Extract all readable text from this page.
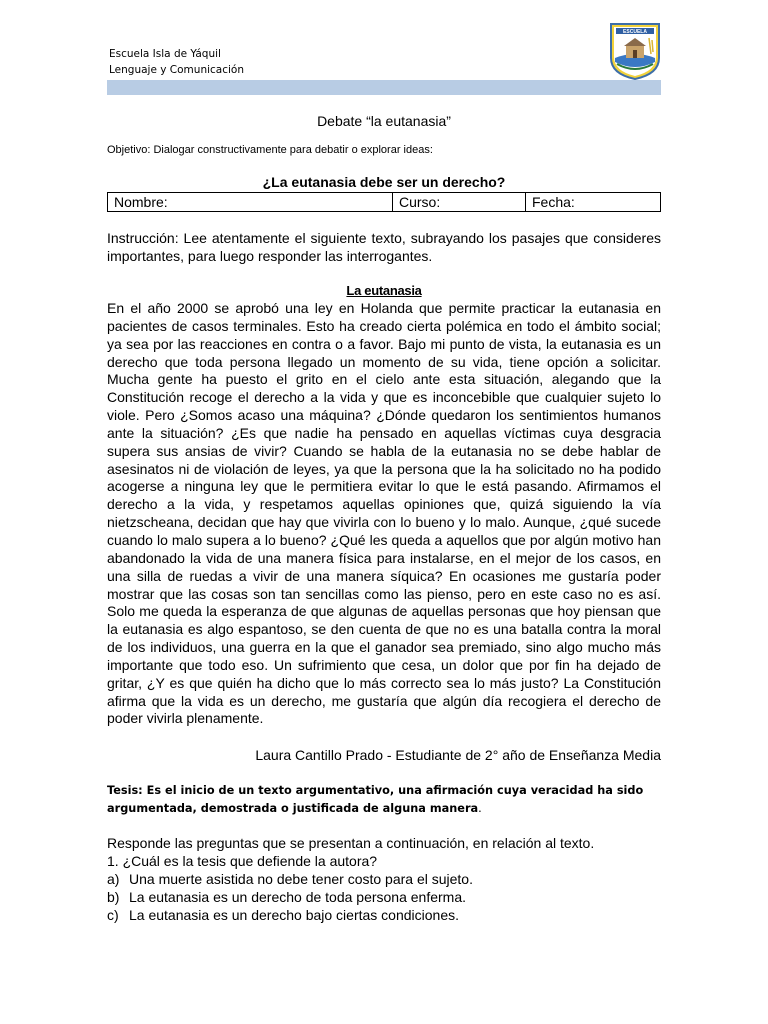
Escuela Isla de Yáquil
Lenguaje y Comunicación
ESCUELA
Debate “la eutanasia”
Objetivo: Dialogar constructivamente para debatir o explorar ideas:
¿La eutanasia debe ser un derecho?
Nombre:	Curso:	Fecha:
Instrucción: Lee atentamente el siguiente texto, subrayando los pasajes que consideres importantes, para luego responder las interrogantes.
La eutanasia
En el año 2000 se aprobó una ley en Holanda que permite practicar la eutanasia en pacientes de casos terminales. Esto ha creado cierta polémica en todo el ámbito social; ya sea por las reacciones en contra o a favor. Bajo mi punto de vista, la eutanasia es un derecho que toda persona llegado un momento de su vida, tiene opción a solicitar. Mucha gente ha puesto el grito en el cielo ante esta situación, alegando que la Constitución recoge el derecho a la vida y que es inconcebible que cualquier sujeto lo viole. Pero ¿Somos acaso una máquina? ¿Dónde quedaron los sentimientos humanos ante la situación? ¿Es que nadie ha pensado en aquellas víctimas cuya desgracia supera sus ansias de vivir? Cuando se habla de la eutanasia no se debe hablar de asesinatos ni de violación de leyes, ya que la persona que la ha solicitado no ha podido acogerse a ninguna ley que le permitiera evitar lo que le está pasando. Afirmamos el derecho a la vida, y respetamos aquellas opiniones que, quizá siguiendo la vía nietzscheana, decidan que hay que vivirla con lo bueno y lo malo. Aunque, ¿qué sucede cuando lo malo supera a lo bueno? ¿Qué les queda a aquellos que por algún motivo han abandonado la vida de una manera física para instalarse, en el mejor de los casos, en una silla de ruedas a vivir de una manera síquica? En ocasiones me gustaría poder mostrar que las cosas son tan sencillas como las pienso, pero en este caso no es así. Solo me queda la esperanza de que algunas de aquellas personas que hoy piensan que la eutanasia es algo espantoso, se den cuenta de que no es una batalla contra la moral de los individuos, una guerra en la que el ganador sea premiado, sino algo mucho más importante que todo eso. Un sufrimiento que cesa, un dolor que por fin ha dejado de gritar, ¿Y es que quién ha dicho que lo más correcto sea lo más justo? La Constitución afirma que la vida es un derecho, me gustaría que algún día recogiera el derecho de poder vivirla plenamente.
Laura Cantillo Prado - Estudiante de 2° año de Enseñanza Media
Tesis: Es el inicio de un texto argumentativo, una afirmación cuya veracidad ha sido argumentada, demostrada o justificada de alguna manera.
Responde las preguntas que se presentan a continuación, en relación al texto.
1. ¿Cuál es la tesis que defiende la autora?
a) Una muerte asistida no debe tener costo para el sujeto.
b) La eutanasia es un derecho de toda persona enferma.
c) La eutanasia es un derecho bajo ciertas condiciones.
